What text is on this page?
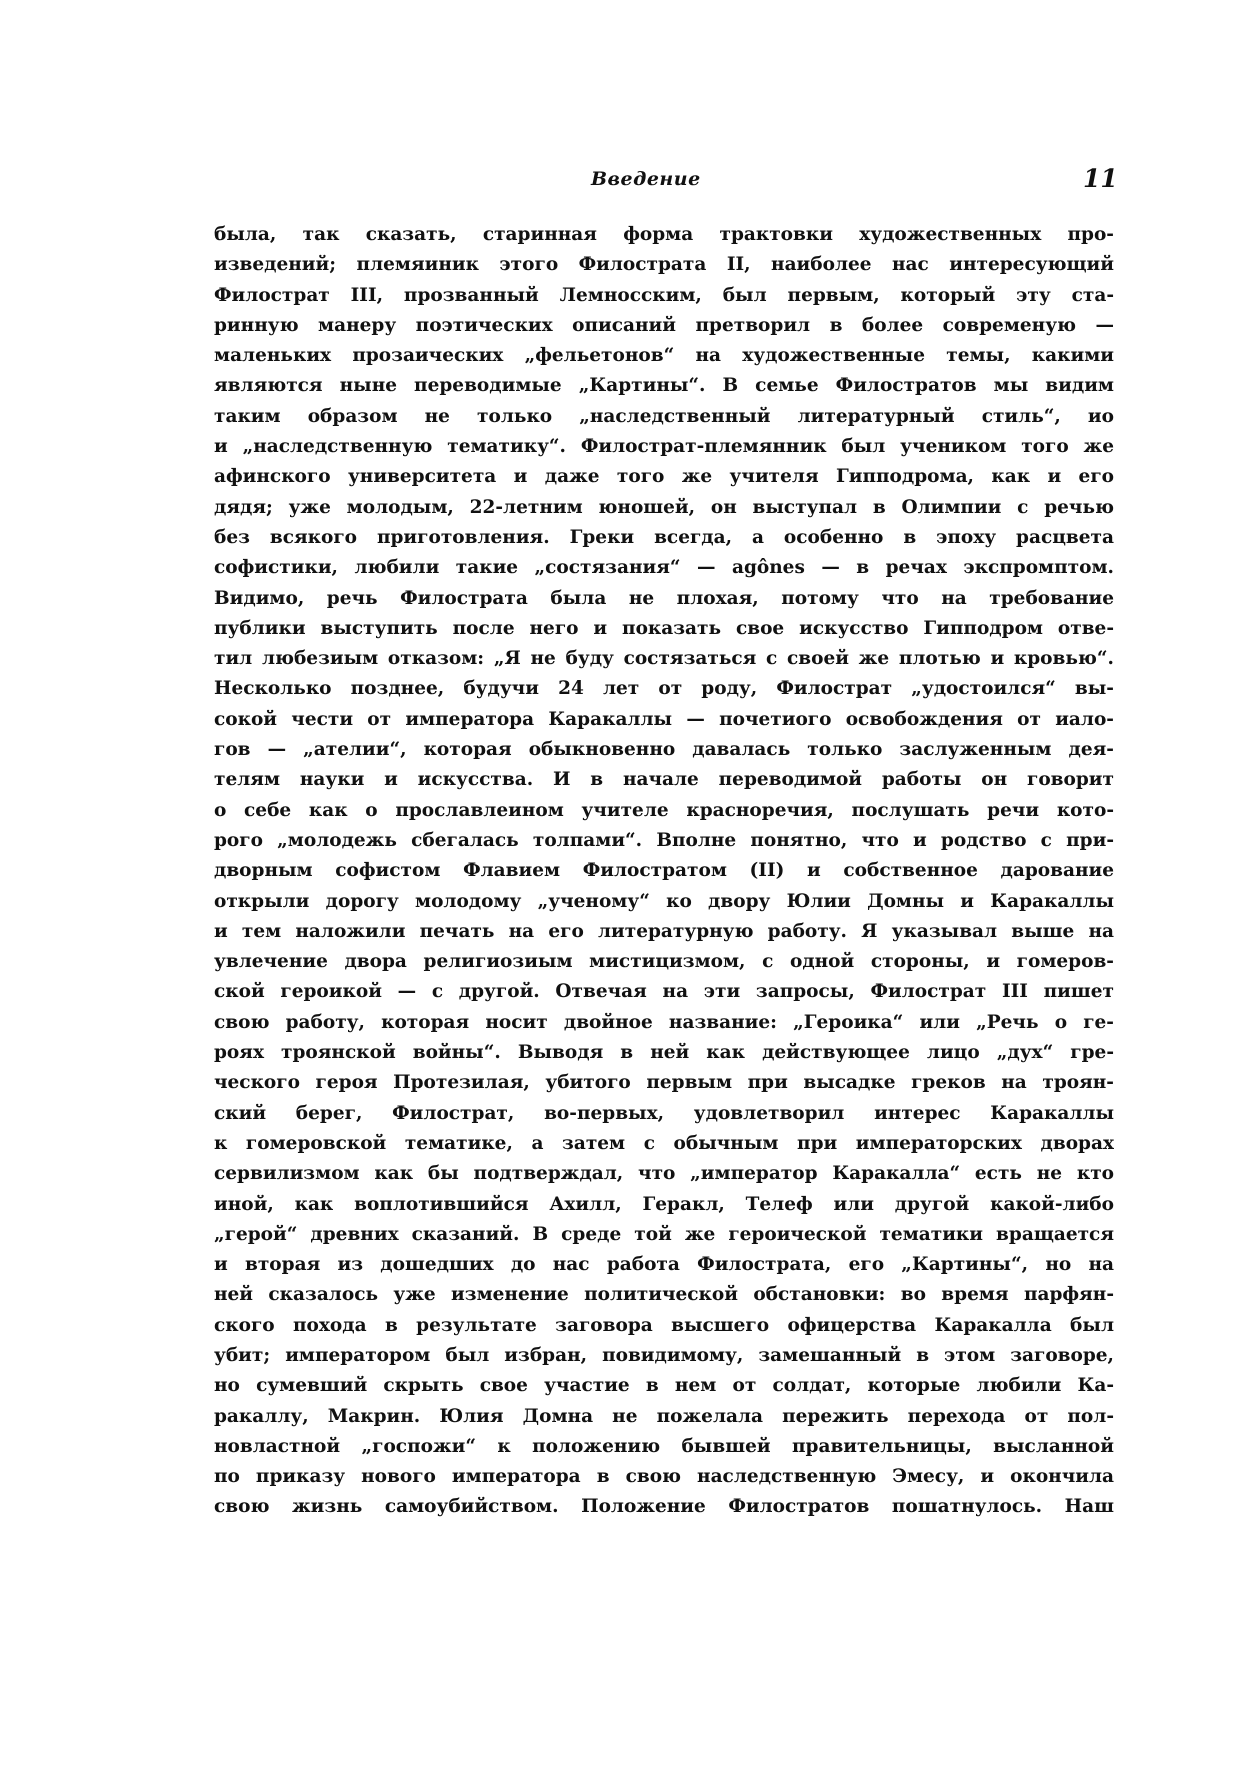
Введение	11
была, так сказать, старинная форма трактовки художественных про-
изведений; племяиник этого Филострата II, наиболее нас интересующий
Филострат III, прозванный Лемносским, был первым, который эту ста-
ринную манеру поэтических описаний претворил в более современую —
маленьких прозаических „фельетонов“ на художественные темы, какими
являются ныне переводимые „Картины“. В семье Филостратов мы видим
таким образом не только „наследственный литературный стиль“, ио
и „наследственную тематику“. Филострат-племянник был учеником того же
афинского университета и даже того же учителя Гипподрома, как и его
дядя; уже молодым, 22-летним юношей, он выступал в Олимпии с речью
без всякого приготовления. Греки всегда, а особенно в эпоху расцвета
софистики, любили такие „состязания“ — agônes — в речах экспромптом.
Видимо, речь Филострата была не плохая, потому что на требование
публики выступить после него и показать свое искусство Гипподром отве-
тил любезиым отказом: „Я не буду состязаться с своей же плотью и кровью“.
Несколько позднее, будучи 24 лет от роду, Филострат „удостоился“ вы-
сокой чести от императора Каракаллы — почетиого освобождения от иало-
гов — „ателии“, которая обыкновенно давалась только заслуженным дея-
телям науки и искусства. И в начале переводимой работы он говорит
о себе как о прославлеином учителе красноречия, послушать речи кото-
рого „молодежь сбегалась толпами“. Вполне понятно, что и родство с при-
дворным софистом Флавием Филостратом (II) и собственное дарование
открыли дорогу молодому „ученому“ ко двору Юлии Домны и Каракаллы
и тем наложили печать на его литературную работу. Я указывал выше на
увлечение двора религиозиым мистицизмом, с одной стороны, и гомеров-
ской героикой — с другой. Отвечая на эти запросы, Филострат III пишет
свою работу, которая носит двойное название: „Героика“ или „Речь о ге-
роях троянской войны“. Выводя в ней как действующее лицо „дух“ гре-
ческого героя Протезилая, убитого первым при высадке греков на троян-
ский берег, Филострат, во-первых, удовлетворил интерес Каракаллы
к гомеровской тематике, а затем с обычным при императорских дворах
сервилизмом как бы подтверждал, что „император Каракалла“ есть не кто
иной, как воплотившийся Ахилл, Геракл, Телеф или другой какой-либо
„герой“ древних сказаний. В среде той же героической тематики вращается
и вторая из дошедших до нас работа Филострата, его „Картины“, но на
ней сказалось уже изменение политической обстановки: во время парфян-
ского похода в результате заговора высшего офицерства Каракалла был
убит; императором был избран, повидимому, замешанный в этом заговоре,
но сумевший скрыть свое участие в нем от солдат, которые любили Ка-
ракаллу, Макрин. Юлия Домна не пожелала пережить перехода от пол-
новластной „госпожи“ к положению бывшей правительницы, высланной
по приказу нового императора в свою наследственную Эмесу, и окончила
свою жизнь самоубийством. Положение Филостратов пошатнулось. Наш
